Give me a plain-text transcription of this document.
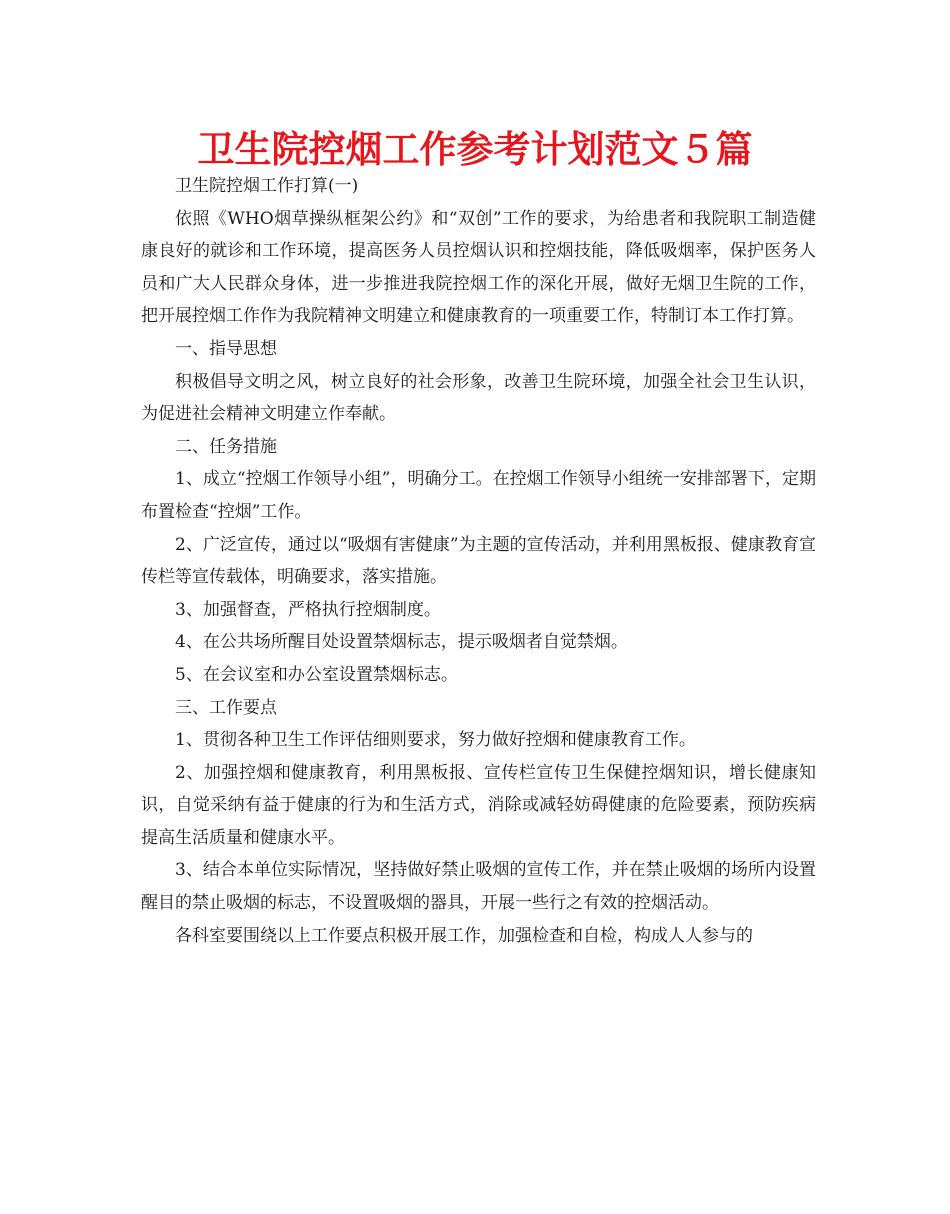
卫生院控烟工作参考计划范文５篇

卫生院控烟工作打算(一)

依照《WHO烟草操纵框架公约》和“双创”工作的要求，为给患者和我院职工制造健康良好的就诊和工作环境，提高医务人员控烟认识和控烟技能，降低吸烟率，保护医务人员和广大人民群众身体，进一步推进我院控烟工作的深化开展，做好无烟卫生院的工作，把开展控烟工作作为我院精神文明建立和健康教育的一项重要工作，特制订本工作打算。

一、指导思想

积极倡导文明之风，树立良好的社会形象，改善卫生院环境，加强全社会卫生认识，为促进社会精神文明建立作奉献。

二、任务措施

1、成立“控烟工作领导小组”，明确分工。在控烟工作领导小组统一安排部署下，定期布置检查“控烟”工作。

2、广泛宣传，通过以“吸烟有害健康”为主题的宣传活动，并利用黑板报、健康教育宣传栏等宣传载体，明确要求，落实措施。

3、加强督查，严格执行控烟制度。

4、在公共场所醒目处设置禁烟标志，提示吸烟者自觉禁烟。

5、在会议室和办公室设置禁烟标志。

三、工作要点

1、贯彻各种卫生工作评估细则要求，努力做好控烟和健康教育工作。

2、加强控烟和健康教育，利用黑板报、宣传栏宣传卫生保健控烟知识，增长健康知识，自觉采纳有益于健康的行为和生活方式，消除或减轻妨碍健康的危险要素，预防疾病提高生活质量和健康水平。

3、结合本单位实际情况，坚持做好禁止吸烟的宣传工作，并在禁止吸烟的场所内设置醒目的禁止吸烟的标志，不设置吸烟的器具，开展一些行之有效的控烟活动。

各科室要围绕以上工作要点积极开展工作，加强检查和自检，构成人人参与的
